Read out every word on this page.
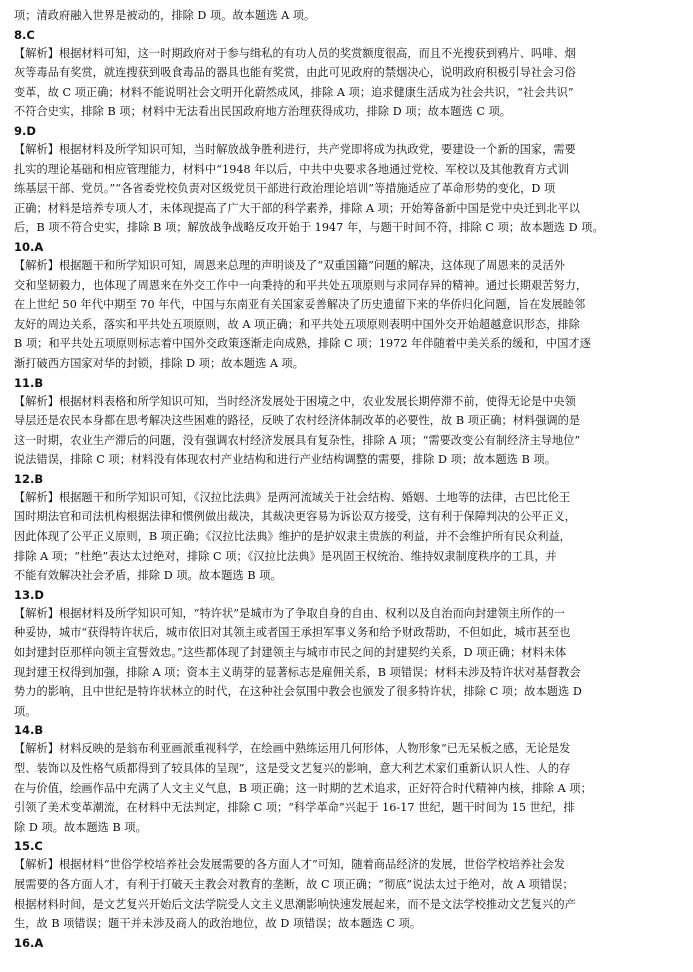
项；清政府融入世界是被动的，排除 D 项。故本题选 A 项。
8.C
【解析】根据材料可知，这一时期政府对于参与缉私的有功人员的奖赏额度很高，而且不光搜获到鸦片、吗啡、烟
灰等毒品有奖赏，就连搜获到吸食毒品的器具也能有奖赏，由此可见政府的禁烟决心，说明政府积极引导社会习俗
变革，故 C 项正确；材料不能说明社会文明开化蔚然成风，排除 A 项；追求健康生活成为社会共识，“社会共识”
不符合史实，排除 B 项；材料中无法看出民国政府地方治理获得成功，排除 D 项；故本题选 C 项。
9.D
【解析】根据材料及所学知识可知，当时解放战争胜利进行，共产党即将成为执政党，要建设一个新的国家，需要
扎实的理论基础和相应管理能力，材料中“1948 年以后，中共中央要求各地通过党校、军校以及其他教育方式训
练基层干部、党员。”“各省委党校负责对区级党员干部进行政治理论培训”等措施适应了革命形势的变化，D 项
正确；材料是培养专项人才，未体现提高了广大干部的科学素养，排除 A 项；开始筹备新中国是党中央迁到北平以
后，B 项不符合史实，排除 B 项；解放战争战略反攻开始于 1947 年，与题干时间不符，排除 C 项；故本题选 D 项。
10.A
【解析】根据题干和所学知识可知，周恩来总理的声明谈及了“双重国籍”问题的解决，这体现了周恩来的灵活外
交和坚韧毅力，也体现了周恩来在外交工作中一向秉持的和平共处五项原则与求同存异的精神。通过长期艰苦努力，
在上世纪 50 年代中期至 70 年代，中国与东南亚有关国家妥善解决了历史遗留下来的华侨归化问题，旨在发展睦邻
友好的周边关系，落实和平共处五项原则，故 A 项正确；和平共处五项原则表明中国外交开始超越意识形态，排除
B 项；和平共处五项原则标志着中国外交政策逐渐走向成熟，排除 C 项；1972 年伴随着中美关系的缓和，中国才逐
渐打破西方国家对华的封锁，排除 D 项；故本题选 A 项。
11.B
【解析】根据材料表格和所学知识可知，当时经济发展处于困境之中，农业发展长期停滞不前，使得无论是中央领
导层还是农民本身都在思考解决这些困难的路径，反映了农村经济体制改革的必要性，故 B 项正确；材料强调的是
这一时期，农业生产滞后的问题，没有强调农村经济发展具有复杂性，排除 A 项；“需要改变公有制经济主导地位”
说法错误，排除 C 项；材料没有体现农村产业结构和进行产业结构调整的需要，排除 D 项；故本题选 B 项。
12.B
【解析】根据题干和所学知识可知，《汉拉比法典》是两河流域关于社会结构、婚姻、土地等的法律，古巴比伦王
国时期法官和司法机构根据法律和惯例做出裁决，其裁决更容易为诉讼双方接受，这有利于保障判决的公平正义，
因此体现了公平正义原则，B 项正确；《汉拉比法典》维护的是护奴隶主贵族的利益，并不会维护所有民众利益，
排除 A 项；“杜绝”表达太过绝对，排除 C 项；《汉拉比法典》是巩固王权统治、维持奴隶制度秩序的工具，并
不能有效解决社会矛盾，排除 D 项。故本题选 B 项。
13.D
【解析】根据材料及所学知识可知，“特许状”是城市为了争取自身的自由、权利以及自治而向封建领主所作的一
种妥协，城市“获得特许状后，城市依旧对其领主或者国王承担军事义务和给予财政帮助，不但如此，城市甚至也
如封建封臣那样向领主宣誓效忠。”这些都体现了封建领主与城市市民之间的封建契约关系，D 项正确；材料未体
现封建王权得到加强，排除 A 项；资本主义萌芽的显著标志是雇佣关系，B 项错误；材料未涉及特许状对基督教会
势力的影响，且中世纪是特许状林立的时代，在这种社会氛围中教会也颁发了很多特许状，排除 C 项；故本题选 D
项。
14.B
【解析】材料反映的是翁布利亚画派重视科学，在绘画中熟练运用几何形体，人物形象“已无呆板之感，无论是发
型、装饰以及性格气质都得到了较具体的呈现”，这是受文艺复兴的影响，意大利艺术家们重新认识人性、人的存
在与价值，绘画作品中充满了人文主义气息，B 项正确；这一时期的艺术追求，正好符合时代精神内核，排除 A 项；
引领了美术变革潮流，在材料中无法判定，排除 C 项；“科学革命”兴起于 16-17 世纪，题干时间为 15 世纪，排
除 D 项。故本题选 B 项。
15.C
【解析】根据材料“世俗学校培养社会发展需要的各方面人才”可知，随着商品经济的发展，世俗学校培养社会发
展需要的各方面人才，有利于打破天主教会对教育的垄断，故 C 项正确；“彻底”说法太过于绝对，故 A 项错误；
根据材料时间，是文艺复兴开始后文法学院受人文主义思潮影响快速发展起来，而不是文法学校推动文艺复兴的产
生，故 B 项错误；题干并未涉及商人的政治地位，故 D 项错误；故本题选 C 项。
16.A
